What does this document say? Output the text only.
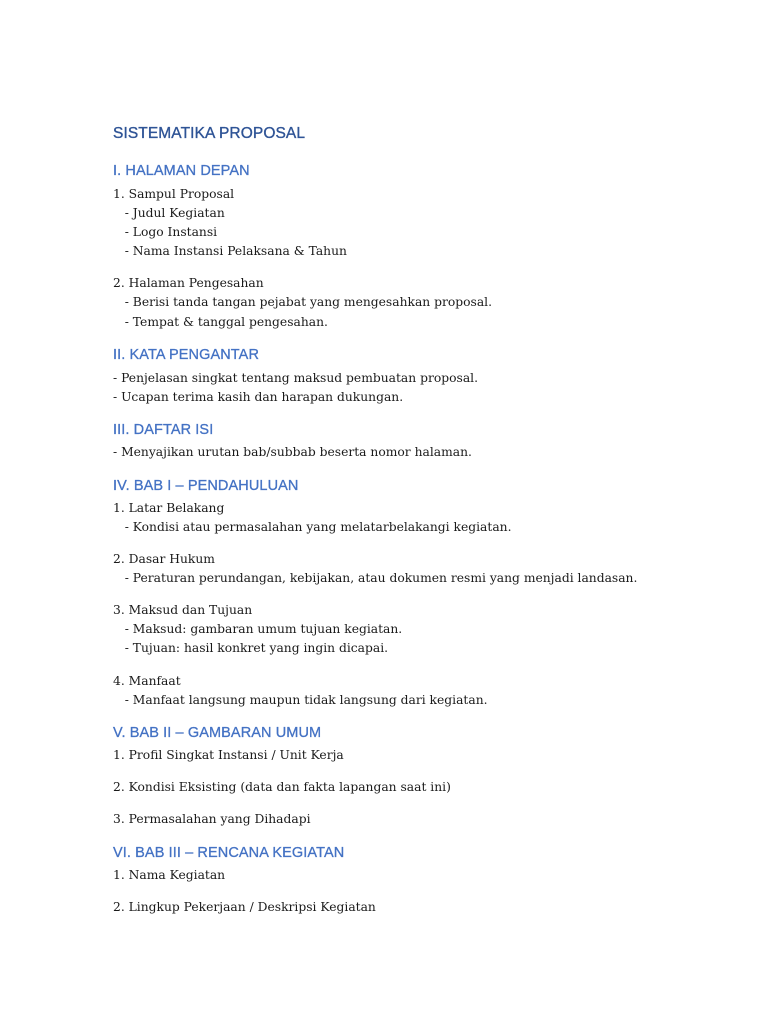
SISTEMATIKA PROPOSAL
I. HALAMAN DEPAN

1. Sampul Proposal

- Judul Kegiatan

- Logo Instansi

- Nama Instansi Pelaksana & Tahun

2. Halaman Pengesahan

- Berisi tanda tangan pejabat yang mengesahkan proposal.

- Tempat & tanggal pengesahan.

II. KATA PENGANTAR

- Penjelasan singkat tentang maksud pembuatan proposal.

- Ucapan terima kasih dan harapan dukungan.

III. DAFTAR ISI

- Menyajikan urutan bab/subbab beserta nomor halaman.

IV. BAB I – PENDAHULUAN

1. Latar Belakang

- Kondisi atau permasalahan yang melatarbelakangi kegiatan.

2. Dasar Hukum

- Peraturan perundangan, kebijakan, atau dokumen resmi yang menjadi landasan.

3. Maksud dan Tujuan

- Maksud: gambaran umum tujuan kegiatan.

- Tujuan: hasil konkret yang ingin dicapai.

4. Manfaat

- Manfaat langsung maupun tidak langsung dari kegiatan.

V. BAB II – GAMBARAN UMUM

1. Profil Singkat Instansi / Unit Kerja

2. Kondisi Eksisting (data dan fakta lapangan saat ini)

3. Permasalahan yang Dihadapi

VI. BAB III – RENCANA KEGIATAN

1. Nama Kegiatan

2. Lingkup Pekerjaan / Deskripsi Kegiatan
